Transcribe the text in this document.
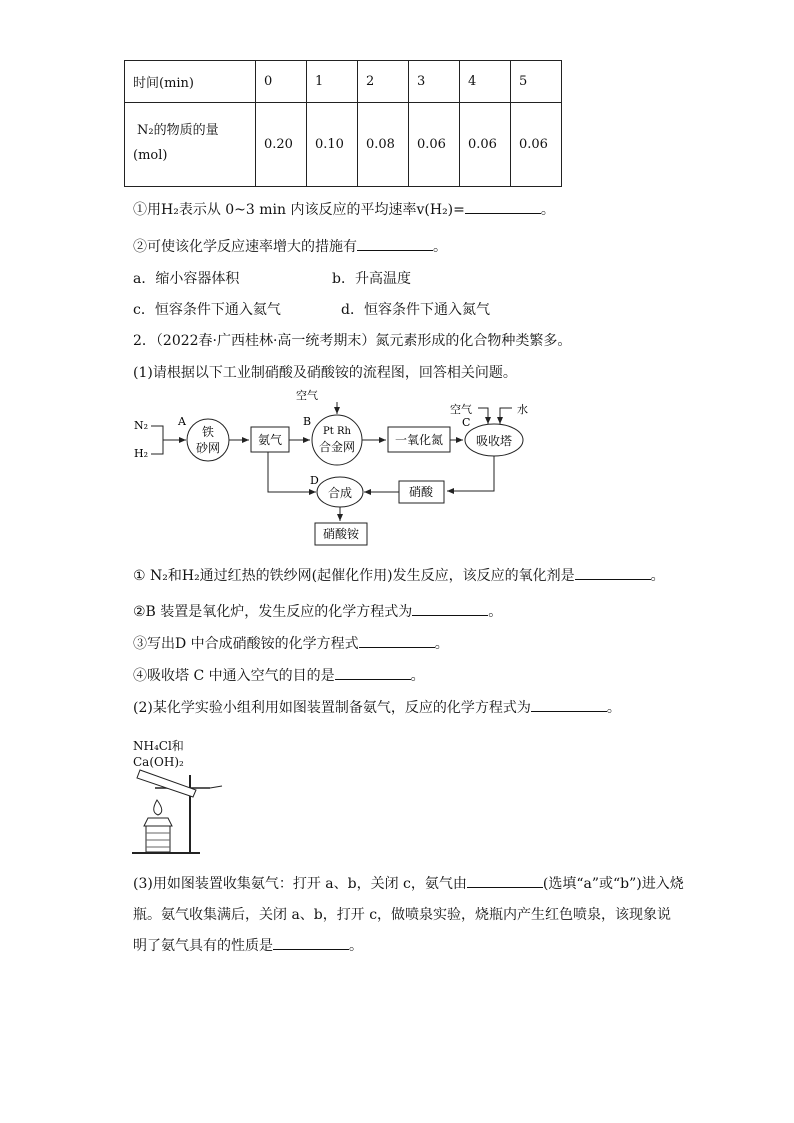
时间(min)	0	1	2	3	4	5

N₂的物质的量
(mol)	0.20	0.10	0.08	0.06	0.06	0.06
①用H₂表示从 0~3 min 内该反应的平均速率v(H₂)=	。
②可使该化学反应速率增大的措施有	。
a．缩小容器体积	b．升高温度
c．恒容条件下通入氦气	d．恒容条件下通入氮气
2．（2022春·广西桂林·高一统考期末）氮元素形成的化合物种类繁多。
(1)请根据以下工业制硝酸及硝酸铵的流程图，回答相关问题。
N₂
H₂
A
铁
砂网
氨气
空气
B
Pt Rh
合金网	一氧化氮
空气	水
C
吸收塔
硝酸
D
合成
硝酸铵
① N₂和H₂通过红热的铁纱网(起催化作用)发生反应，该反应的氧化剂是	。
②B 装置是氧化炉，发生反应的化学方程式为	。
③写出D 中合成硝酸铵的化学方程式	。
④吸收塔 C 中通入空气的目的是	。
(2)某化学实验小组利用如图装置制备氨气，反应的化学方程式为	。
NH₄Cl和
Ca(OH)₂
(3)用如图装置收集氨气：打开 a、b，关闭 c，氨气由	(选填“a”或“b”)进入烧
瓶。氨气收集满后，关闭 a、b，打开 c，做喷泉实验，烧瓶内产生红色喷泉，该现象说
明了氨气具有的性质是	。
